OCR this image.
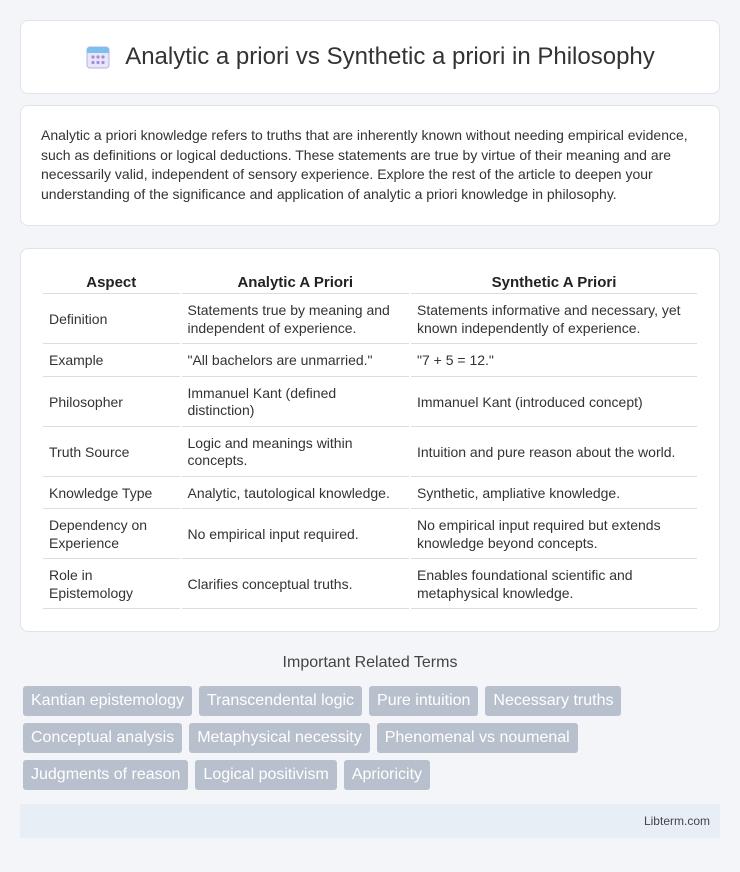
Analytic a priori vs Synthetic a priori in Philosophy

Analytic a priori knowledge refers to truths that are inherently known without needing empirical evidence, such as definitions or logical deductions. These statements are true by virtue of their meaning and are necessarily valid, independent of sensory experience. Explore the rest of the article to deepen your understanding of the significance and application of analytic a priori knowledge in philosophy.

Aspect	Analytic A Priori	Synthetic A Priori
Definition	Statements true by meaning and independent of experience.	Statements informative and necessary, yet known independently of experience.
Example	"All bachelors are unmarried."	"7 + 5 = 12."
Philosopher	Immanuel Kant (defined distinction)	Immanuel Kant (introduced concept)
Truth Source	Logic and meanings within concepts.	Intuition and pure reason about the world.
Knowledge Type	Analytic, tautological knowledge.	Synthetic, ampliative knowledge.
Dependency on Experience	No empirical input required.	No empirical input required but extends knowledge beyond concepts.
Role in Epistemology	Clarifies conceptual truths.	Enables foundational scientific and metaphysical knowledge.
Important Related Terms
Kantian epistemology	Transcendental logic	Pure intuition	Necessary truths
Conceptual analysis	Metaphysical necessity	Phenomenal vs noumenal
Judgments of reason	Logical positivism	Aprioricity
Libterm.com
